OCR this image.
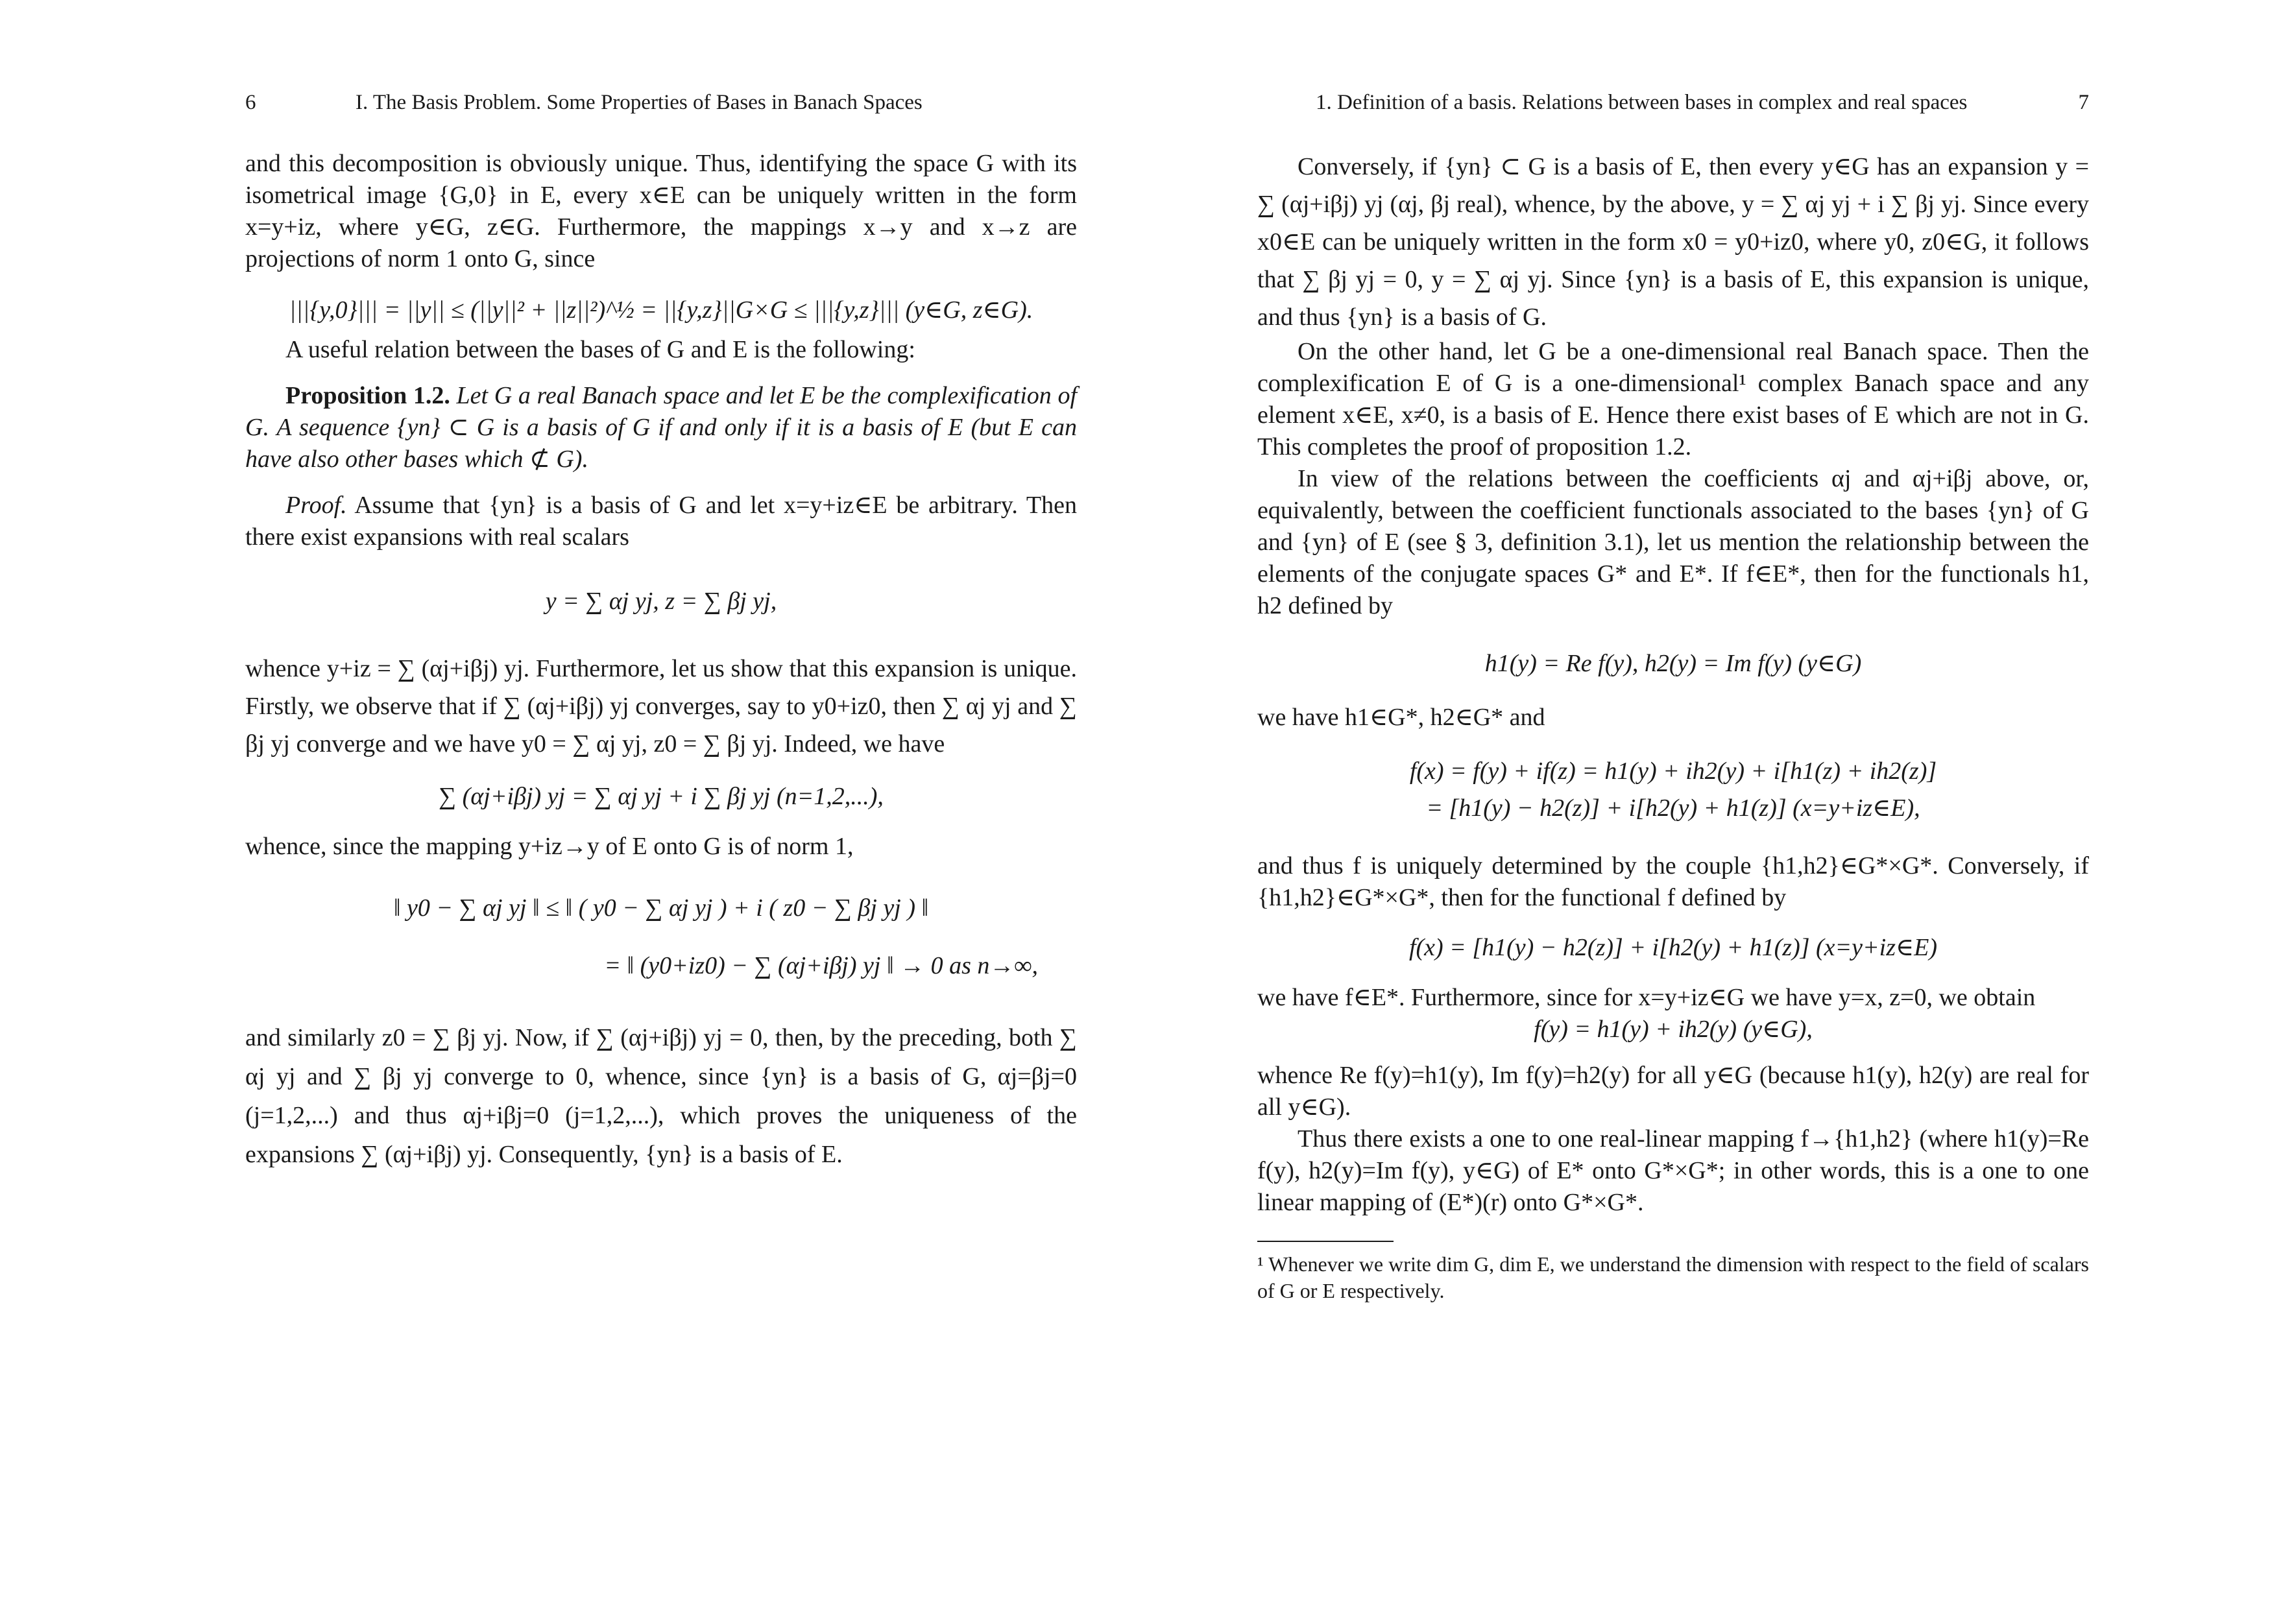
6	I. The Basis Problem. Some Properties of Bases in Banach Spaces

and this decomposition is obviously unique. Thus, identifying the space G with its isometrical image {G,0} in E, every x∈E can be uniquely written in the form x=y+iz, where y∈G, z∈G. Furthermore, the mappings x→y and x→z are projections of norm 1 onto G, since

|||{y,0}||| = ||y|| ≤ (||y||² + ||z||²)^½ = ||{y,z}||G×G ≤ |||{y,z}||| (y∈G, z∈G).

A useful relation between the bases of G and E is the following:

Proposition 1.2. Let G a real Banach space and let E be the complexification of G. A sequence {yn} ⊂ G is a basis of G if and only if it is a basis of E (but E can have also other bases which ⊄ G).

Proof. Assume that {yn} is a basis of G and let x=y+iz∈E be arbitrary. Then there exist expansions with real scalars

y = ∑ αj yj, z = ∑ βj yj,

whence y+iz = ∑ (αj+iβj) yj. Furthermore, let us show that this expansion is unique. Firstly, we observe that if ∑ (αj+iβj) yj converges, say to y0+iz0, then ∑ αj yj and ∑ βj yj converge and we have y0 = ∑ αj yj, z0 = ∑ βj yj. Indeed, we have

∑ (αj+iβj) yj = ∑ αj yj + i ∑ βj yj (n=1,2,...),

whence, since the mapping y+iz→y of E onto G is of norm 1,

‖ y0 − ∑ αj yj ‖ ≤ ‖ ( y0 − ∑ αj yj ) + i ( z0 − ∑ βj yj ) ‖

= ‖ (y0+iz0) − ∑ (αj+iβj) yj ‖ → 0 as n→∞,

and similarly z0 = ∑ βj yj. Now, if ∑ (αj+iβj) yj = 0, then, by the preceding, both ∑ αj yj and ∑ βj yj converge to 0, whence, since {yn} is a basis of G, αj=βj=0 (j=1,2,...) and thus αj+iβj=0 (j=1,2,...), which proves the uniqueness of the expansions ∑ (αj+iβj) yj. Consequently, {yn} is a basis of E.

1. Definition of a basis. Relations between bases in complex and real spaces	7

Conversely, if {yn} ⊂ G is a basis of E, then every y∈G has an expansion y = ∑ (αj+iβj) yj (αj, βj real), whence, by the above, y = ∑ αj yj + i ∑ βj yj. Since every x0∈E can be uniquely written in the form x0 = y0+iz0, where y0, z0∈G, it follows that ∑ βj yj = 0, y = ∑ αj yj. Since {yn} is a basis of E, this expansion is unique, and thus {yn} is a basis of G.

On the other hand, let G be a one-dimensional real Banach space. Then the complexification E of G is a one-dimensional¹ complex Banach space and any element x∈E, x≠0, is a basis of E. Hence there exist bases of E which are not in G. This completes the proof of proposition 1.2.

In view of the relations between the coefficients αj and αj+iβj above, or, equivalently, between the coefficient functionals associated to the bases {yn} of G and {yn} of E (see § 3, definition 3.1), let us mention the relationship between the elements of the conjugate spaces G* and E*. If f∈E*, then for the functionals h1, h2 defined by

h1(y) = Re f(y), h2(y) = Im f(y) (y∈G)

we have h1∈G*, h2∈G* and

f(x) = f(y) + if(z) = h1(y) + ih2(y) + i[h1(z) + ih2(z)]

= [h1(y) − h2(z)] + i[h2(y) + h1(z)] (x=y+iz∈E),

and thus f is uniquely determined by the couple {h1,h2}∈G*×G*. Conversely, if {h1,h2}∈G*×G*, then for the functional f defined by

f(x) = [h1(y) − h2(z)] + i[h2(y) + h1(z)] (x=y+iz∈E)

we have f∈E*. Furthermore, since for x=y+iz∈G we have y=x, z=0, we obtain

f(y) = h1(y) + ih2(y) (y∈G),

whence Re f(y)=h1(y), Im f(y)=h2(y) for all y∈G (because h1(y), h2(y) are real for all y∈G).

Thus there exists a one to one real-linear mapping f→{h1,h2} (where h1(y)=Re f(y), h2(y)=Im f(y), y∈G) of E* onto G*×G*; in other words, this is a one to one linear mapping of (E*)(r) onto G*×G*.

¹ Whenever we write dim G, dim E, we understand the dimension with respect to the field of scalars of G or E respectively.
